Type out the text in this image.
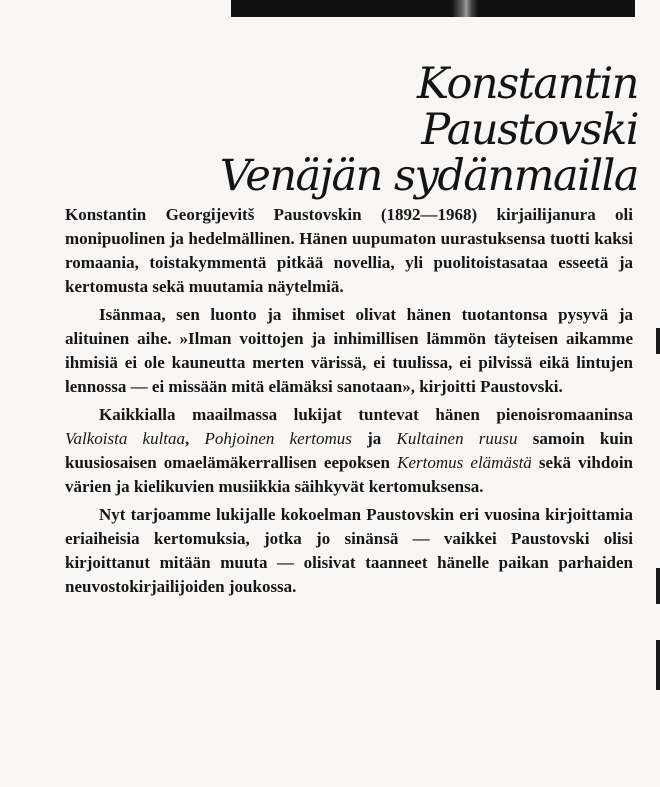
Konstantin
Paustovski
Venäjän sydänmailla

Konstantin Georgijevitš Paustovskin (1892—1968) kirjailijanura oli monipuolinen ja hedelmällinen. Hänen uupumaton uurastuksensa tuotti kaksi romaania, toistakymmentä pitkää novellia, yli puolitoistasataa esseetä ja kertomusta sekä muutamia näytelmiä.

Isänmaa, sen luonto ja ihmiset olivat hänen tuotantonsa pysyvä ja alituinen aihe. »Ilman voittojen ja inhimillisen lämmön täyteisen aikamme ihmisiä ei ole kauneutta merten värissä, ei tuulissa, ei pilvissä eikä lintujen lennossa — ei missään mitä elämäksi sanotaan», kirjoitti Paustovski.

Kaikkialla maailmassa lukijat tuntevat hänen pienoisromaaninsa Valkoista kultaa, Pohjoinen kertomus ja Kultainen ruusu samoin kuin kuusiosaisen omaelämäkerrallisen eepoksen Kertomus elämästä sekä vihdoin värien ja kielikuvien musiikkia säihkyvät kertomuksensa.

Nyt tarjoamme lukijalle kokoelman Paustovskin eri vuosina kirjoittamia eriaiheisia kertomuksia, jotka jo sinänsä — vaikkei Paustovski olisi kirjoittanut mitään muuta — olisivat taanneet hänelle paikan parhaiden neuvostokirjailijoiden joukossa.
